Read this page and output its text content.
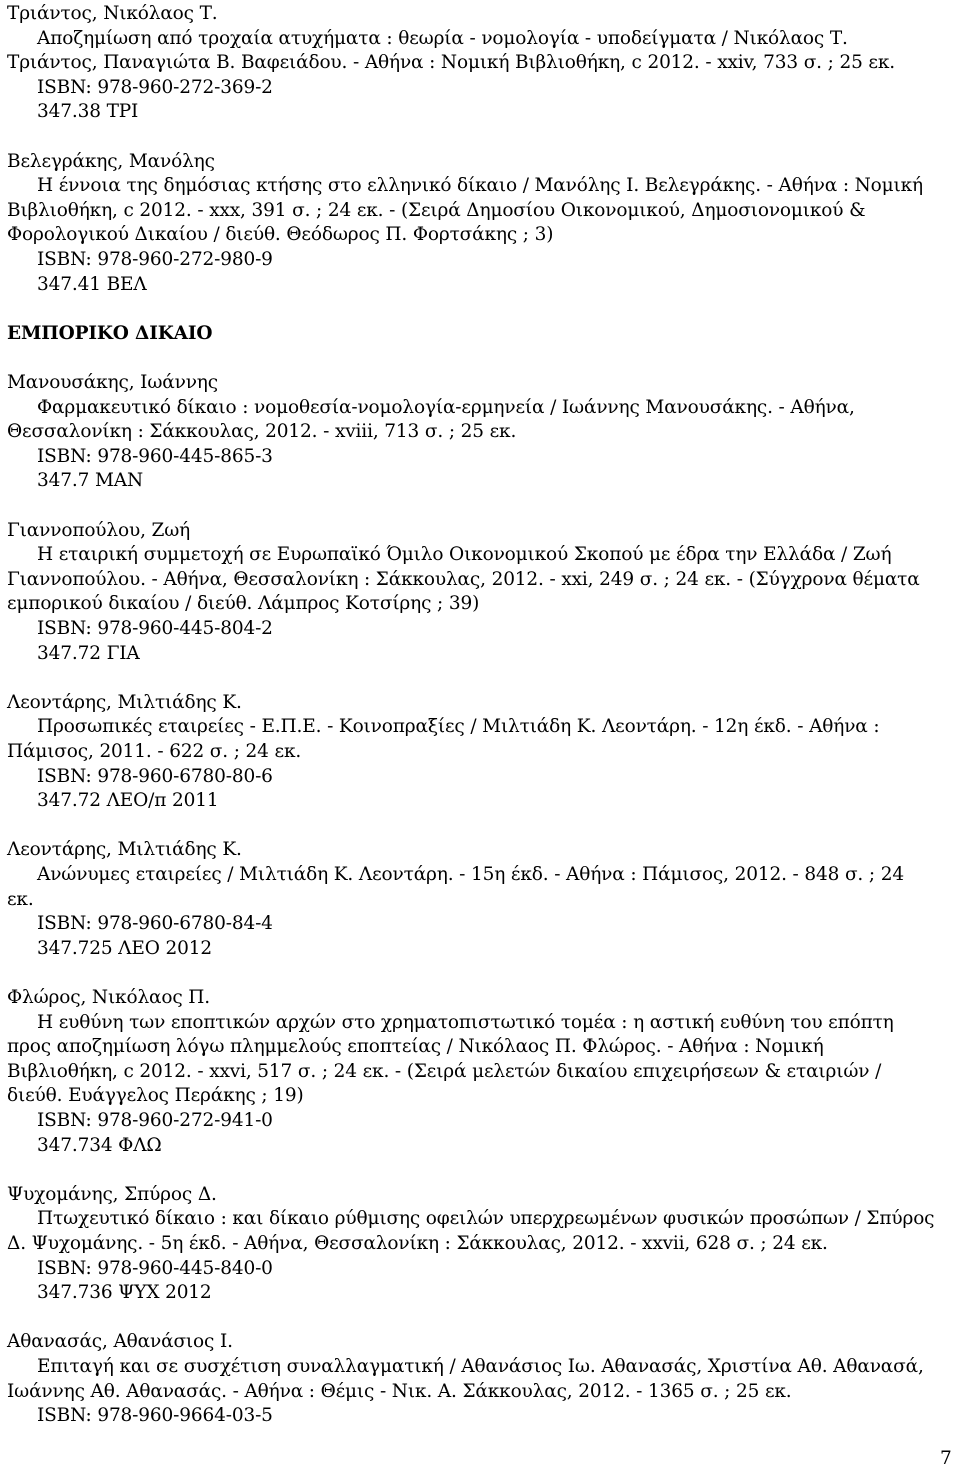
Τριάντος, Νικόλαος Τ.
Αποζημίωση από τροχαία ατυχήματα : θεωρία - νομολογία - υποδείγματα / Νικόλαος Τ.
Τριάντος, Παναγιώτα Β. Βαφειάδου. - Αθήνα : Νομική Βιβλιοθήκη, c 2012. - xxiv, 733 σ. ; 25 εκ.
ISBN: 978-960-272-369-2
347.38 ΤΡΙ
Βελεγράκης, Μανόλης
Η έννοια της δημόσιας κτήσης στο ελληνικό δίκαιο / Μανόλης Ι. Βελεγράκης. - Αθήνα : Νομική
Βιβλιοθήκη, c 2012. - xxx, 391 σ. ; 24 εκ. - (Σειρά Δημοσίου Οικονομικού, Δημοσιονομικού &
Φορολογικού Δικαίου / διεύθ. Θεόδωρος Π. Φορτσάκης ; 3)
ISBN: 978-960-272-980-9
347.41 ΒΕΛ
ΕΜΠΟΡΙΚΟ ΔΙΚΑΙΟ
Μανουσάκης, Ιωάννης
Φαρμακευτικό δίκαιο : νομοθεσία-νομολογία-ερμηνεία / Ιωάννης Μανουσάκης. - Αθήνα,
Θεσσαλονίκη : Σάκκουλας, 2012. - xviii, 713 σ. ; 25 εκ.
ISBN: 978-960-445-865-3
347.7 ΜΑΝ
Γιαννοπούλου, Ζωή
Η εταιρική συμμετοχή σε Ευρωπαϊκό Όμιλο Οικονομικού Σκοπού με έδρα την Ελλάδα / Ζωή
Γιαννοπούλου. - Αθήνα, Θεσσαλονίκη : Σάκκουλας, 2012. - xxi, 249 σ. ; 24 εκ. - (Σύγχρονα θέματα
εμπορικού δικαίου / διεύθ. Λάμπρος Κοτσίρης ; 39)
ISBN: 978-960-445-804-2
347.72 ΓΙΑ
Λεοντάρης, Μιλτιάδης Κ.
Προσωπικές εταιρείες - Ε.Π.Ε. - Κοινοπραξίες / Μιλτιάδη Κ. Λεοντάρη. - 12η έκδ. - Αθήνα :
Πάμισος, 2011. - 622 σ. ; 24 εκ.
ISBN: 978-960-6780-80-6
347.72 ΛΕΟ/π 2011
Λεοντάρης, Μιλτιάδης Κ.
Ανώνυμες εταιρείες / Μιλτιάδη Κ. Λεοντάρη. - 15η έκδ. - Αθήνα : Πάμισος, 2012. - 848 σ. ; 24
εκ.
ISBN: 978-960-6780-84-4
347.725 ΛΕΟ 2012
Φλώρος, Νικόλαος Π.
Η ευθύνη των εποπτικών αρχών στο χρηματοπιστωτικό τομέα : η αστική ευθύνη του επόπτη
προς αποζημίωση λόγω πλημμελούς εποπτείας / Νικόλαος Π. Φλώρος. - Αθήνα : Νομική
Βιβλιοθήκη, c 2012. - xxvi, 517 σ. ; 24 εκ. - (Σειρά μελετών δικαίου επιχειρήσεων & εταιριών /
διεύθ. Ευάγγελος Περάκης ; 19)
ISBN: 978-960-272-941-0
347.734 ΦΛΩ
Ψυχομάνης, Σπύρος Δ.
Πτωχευτικό δίκαιο : και δίκαιο ρύθμισης οφειλών υπερχρεωμένων φυσικών προσώπων / Σπύρος
Δ. Ψυχομάνης. - 5η έκδ. - Αθήνα, Θεσσαλονίκη : Σάκκουλας, 2012. - xxvii, 628 σ. ; 24 εκ.
ISBN: 978-960-445-840-0
347.736 ΨΥΧ 2012
Αθανασάς, Αθανάσιος Ι.
Επιταγή και σε συσχέτιση συναλλαγματική / Αθανάσιος Ιω. Αθανασάς, Χριστίνα Αθ. Αθανασά,
Ιωάννης Αθ. Αθανασάς. - Αθήνα : Θέμις - Νικ. Α. Σάκκουλας, 2012. - 1365 σ. ; 25 εκ.
ISBN: 978-960-9664-03-5
7
